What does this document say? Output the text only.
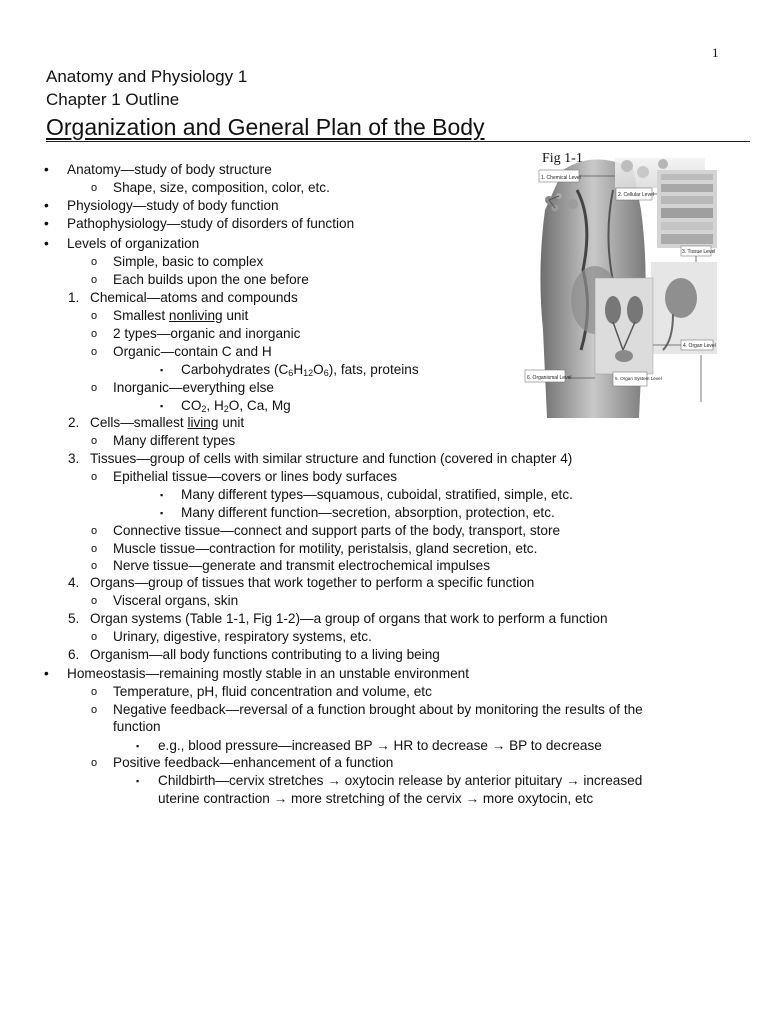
1
Anatomy and Physiology 1
Chapter 1 Outline
Organization and General Plan of the Body
1. Chemical Level
2. Cellular Level
3. Tissue Level
4. Organ Level
5. Organ System Level
6. Organismal Level
Fig 1-1
• Anatomy—study of body structure
o Shape, size, composition, color, etc.
• Physiology—study of body function
• Pathophysiology—study of disorders of function
• Levels of organization
o Simple, basic to complex
o Each builds upon the one before
1. Chemical—atoms and compounds
o Smallest nonliving unit
o 2 types—organic and inorganic
o Organic—contain C and H
▪ Carbohydrates $(C_6H_{12}O_6)$, fats, proteins
o Inorganic—everything else
▪ $CO_2$, $H_2O$, Ca, Mg
2. Cells—smallest living unit
o Many different types
3. Tissues—group of cells with similar structure and function (covered in chapter 4)
o Epithelial tissue—covers or lines body surfaces
▪ Many different types—squamous, cuboidal, stratified, simple, etc.
▪ Many different function—secretion, absorption, protection, etc.
o Connective tissue—connect and support parts of the body, transport, store
o Muscle tissue—contraction for motility, peristalsis, gland secretion, etc.
o Nerve tissue—generate and transmit electrochemical impulses
4. Organs—group of tissues that work together to perform a specific function
o Visceral organs, skin
5. Organ systems (Table 1-1, Fig 1-2)—a group of organs that work to perform a function
o Urinary, digestive, respiratory systems, etc.
6. Organism—all body functions contributing to a living being
• Homeostasis—remaining mostly stable in an unstable environment
o Temperature, pH, fluid concentration and volume, etc
o Negative feedback—reversal of a function brought about by monitoring the results of the
function
▪ e.g., blood pressure—increased BP → HR to decrease → BP to decrease
o Positive feedback—enhancement of a function
▪ Childbirth—cervix stretches → oxytocin release by anterior pituitary → increased
uterine contraction → more stretching of the cervix → more oxytocin, etc
